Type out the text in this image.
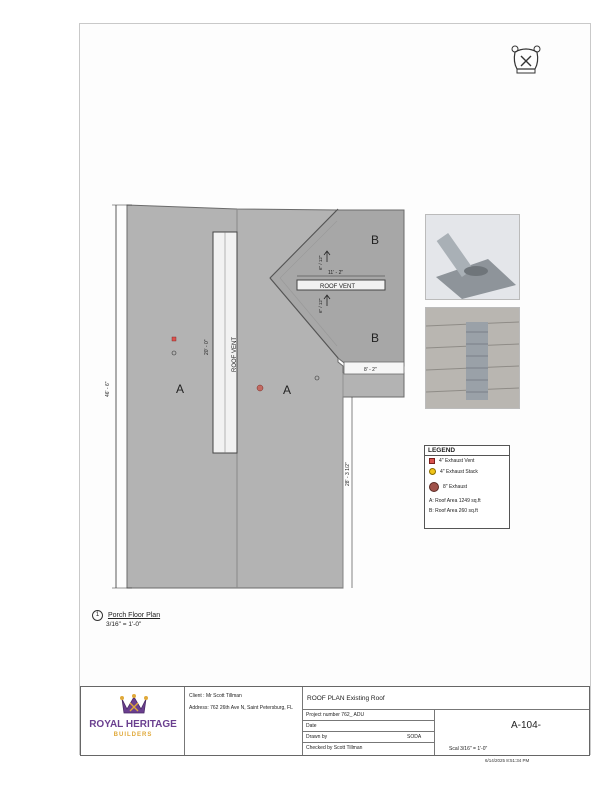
46' - 6"
20' - 0"	ROOF VENT
A	A
B
B
6" / 12"
6" / 12"
11' - 2"
ROOF VENT
8' - 2"
28' - 3 1/2"
LEGEND
4" Exhaust Vent
4" Exhaust Stack
8" Exhaust
A: Roof Area 1249 sq.ft
B: Roof Area 260 sq.ft
1 Porch Floor Plan
3/16" = 1'-0"
ROYAL HERITAGE
BUILDERS
Client : Mr Scott Tillman
Address: 762 26th Ave N, Saint Petersburg, FL
ROOF PLAN Existing Roof
Project number 762_ ADU
Date
Drawn by	SODA
Checked by Scott Tillman
A-104-
Scal 3/16" = 1'-0"
6/14/2025 8:51:34 PM
